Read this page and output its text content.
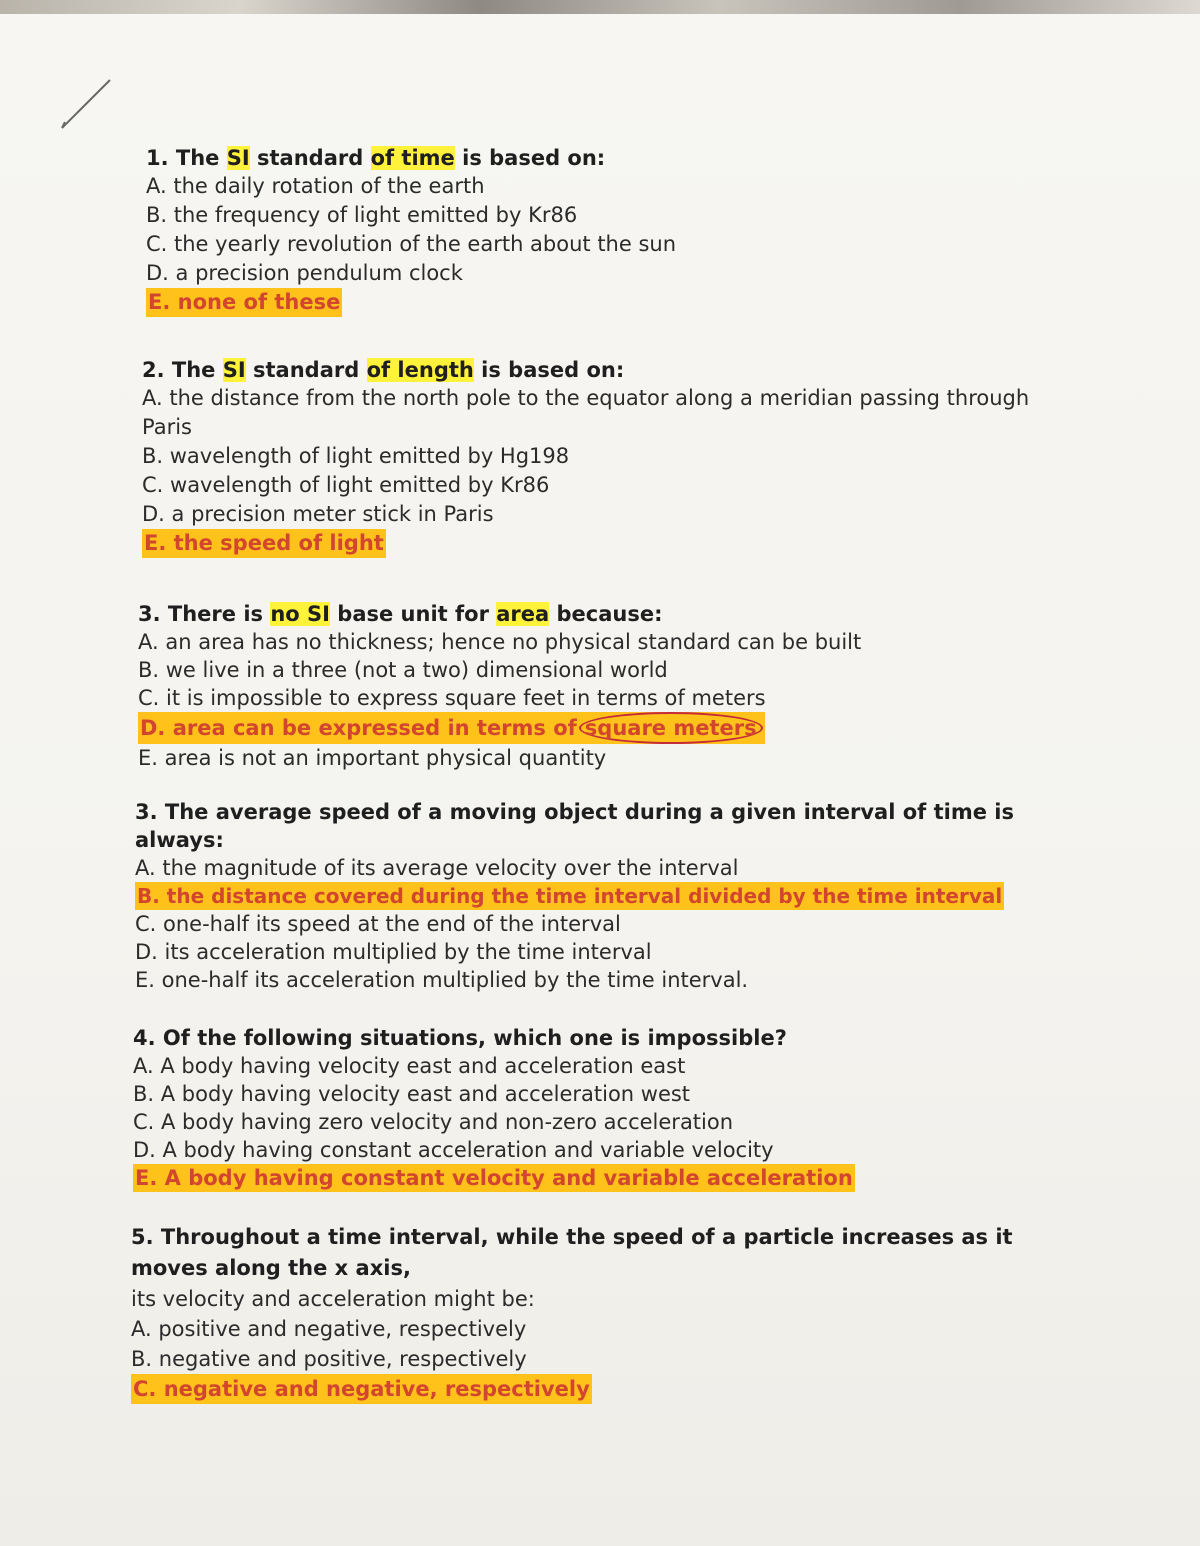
1. The SI standard of time is based on:
A. the daily rotation of the earth
B. the frequency of light emitted by Kr86
C. the yearly revolution of the earth about the sun
D. a precision pendulum clock
E. none of these
2. The SI standard of length is based on:
A. the distance from the north pole to the equator along a meridian passing through Paris
B. wavelength of light emitted by Hg198
C. wavelength of light emitted by Kr86
D. a precision meter stick in Paris
E. the speed of light
3. There is no SI base unit for area because:
A. an area has no thickness; hence no physical standard can be built
B. we live in a three (not a two) dimensional world
C. it is impossible to express square feet in terms of meters
D. area can be expressed in terms of square meters
E. area is not an important physical quantity
3. The average speed of a moving object during a given interval of time is always:
A. the magnitude of its average velocity over the interval
B. the distance covered during the time interval divided by the time interval
C. one-half its speed at the end of the interval
D. its acceleration multiplied by the time interval
E. one-half its acceleration multiplied by the time interval.
4. Of the following situations, which one is impossible?
A. A body having velocity east and acceleration east
B. A body having velocity east and acceleration west
C. A body having zero velocity and non-zero acceleration
D. A body having constant acceleration and variable velocity
E. A body having constant velocity and variable acceleration
5. Throughout a time interval, while the speed of a particle increases as it
moves along the x axis,
its velocity and acceleration might be:
A. positive and negative, respectively
B. negative and positive, respectively
C. negative and negative, respectively
